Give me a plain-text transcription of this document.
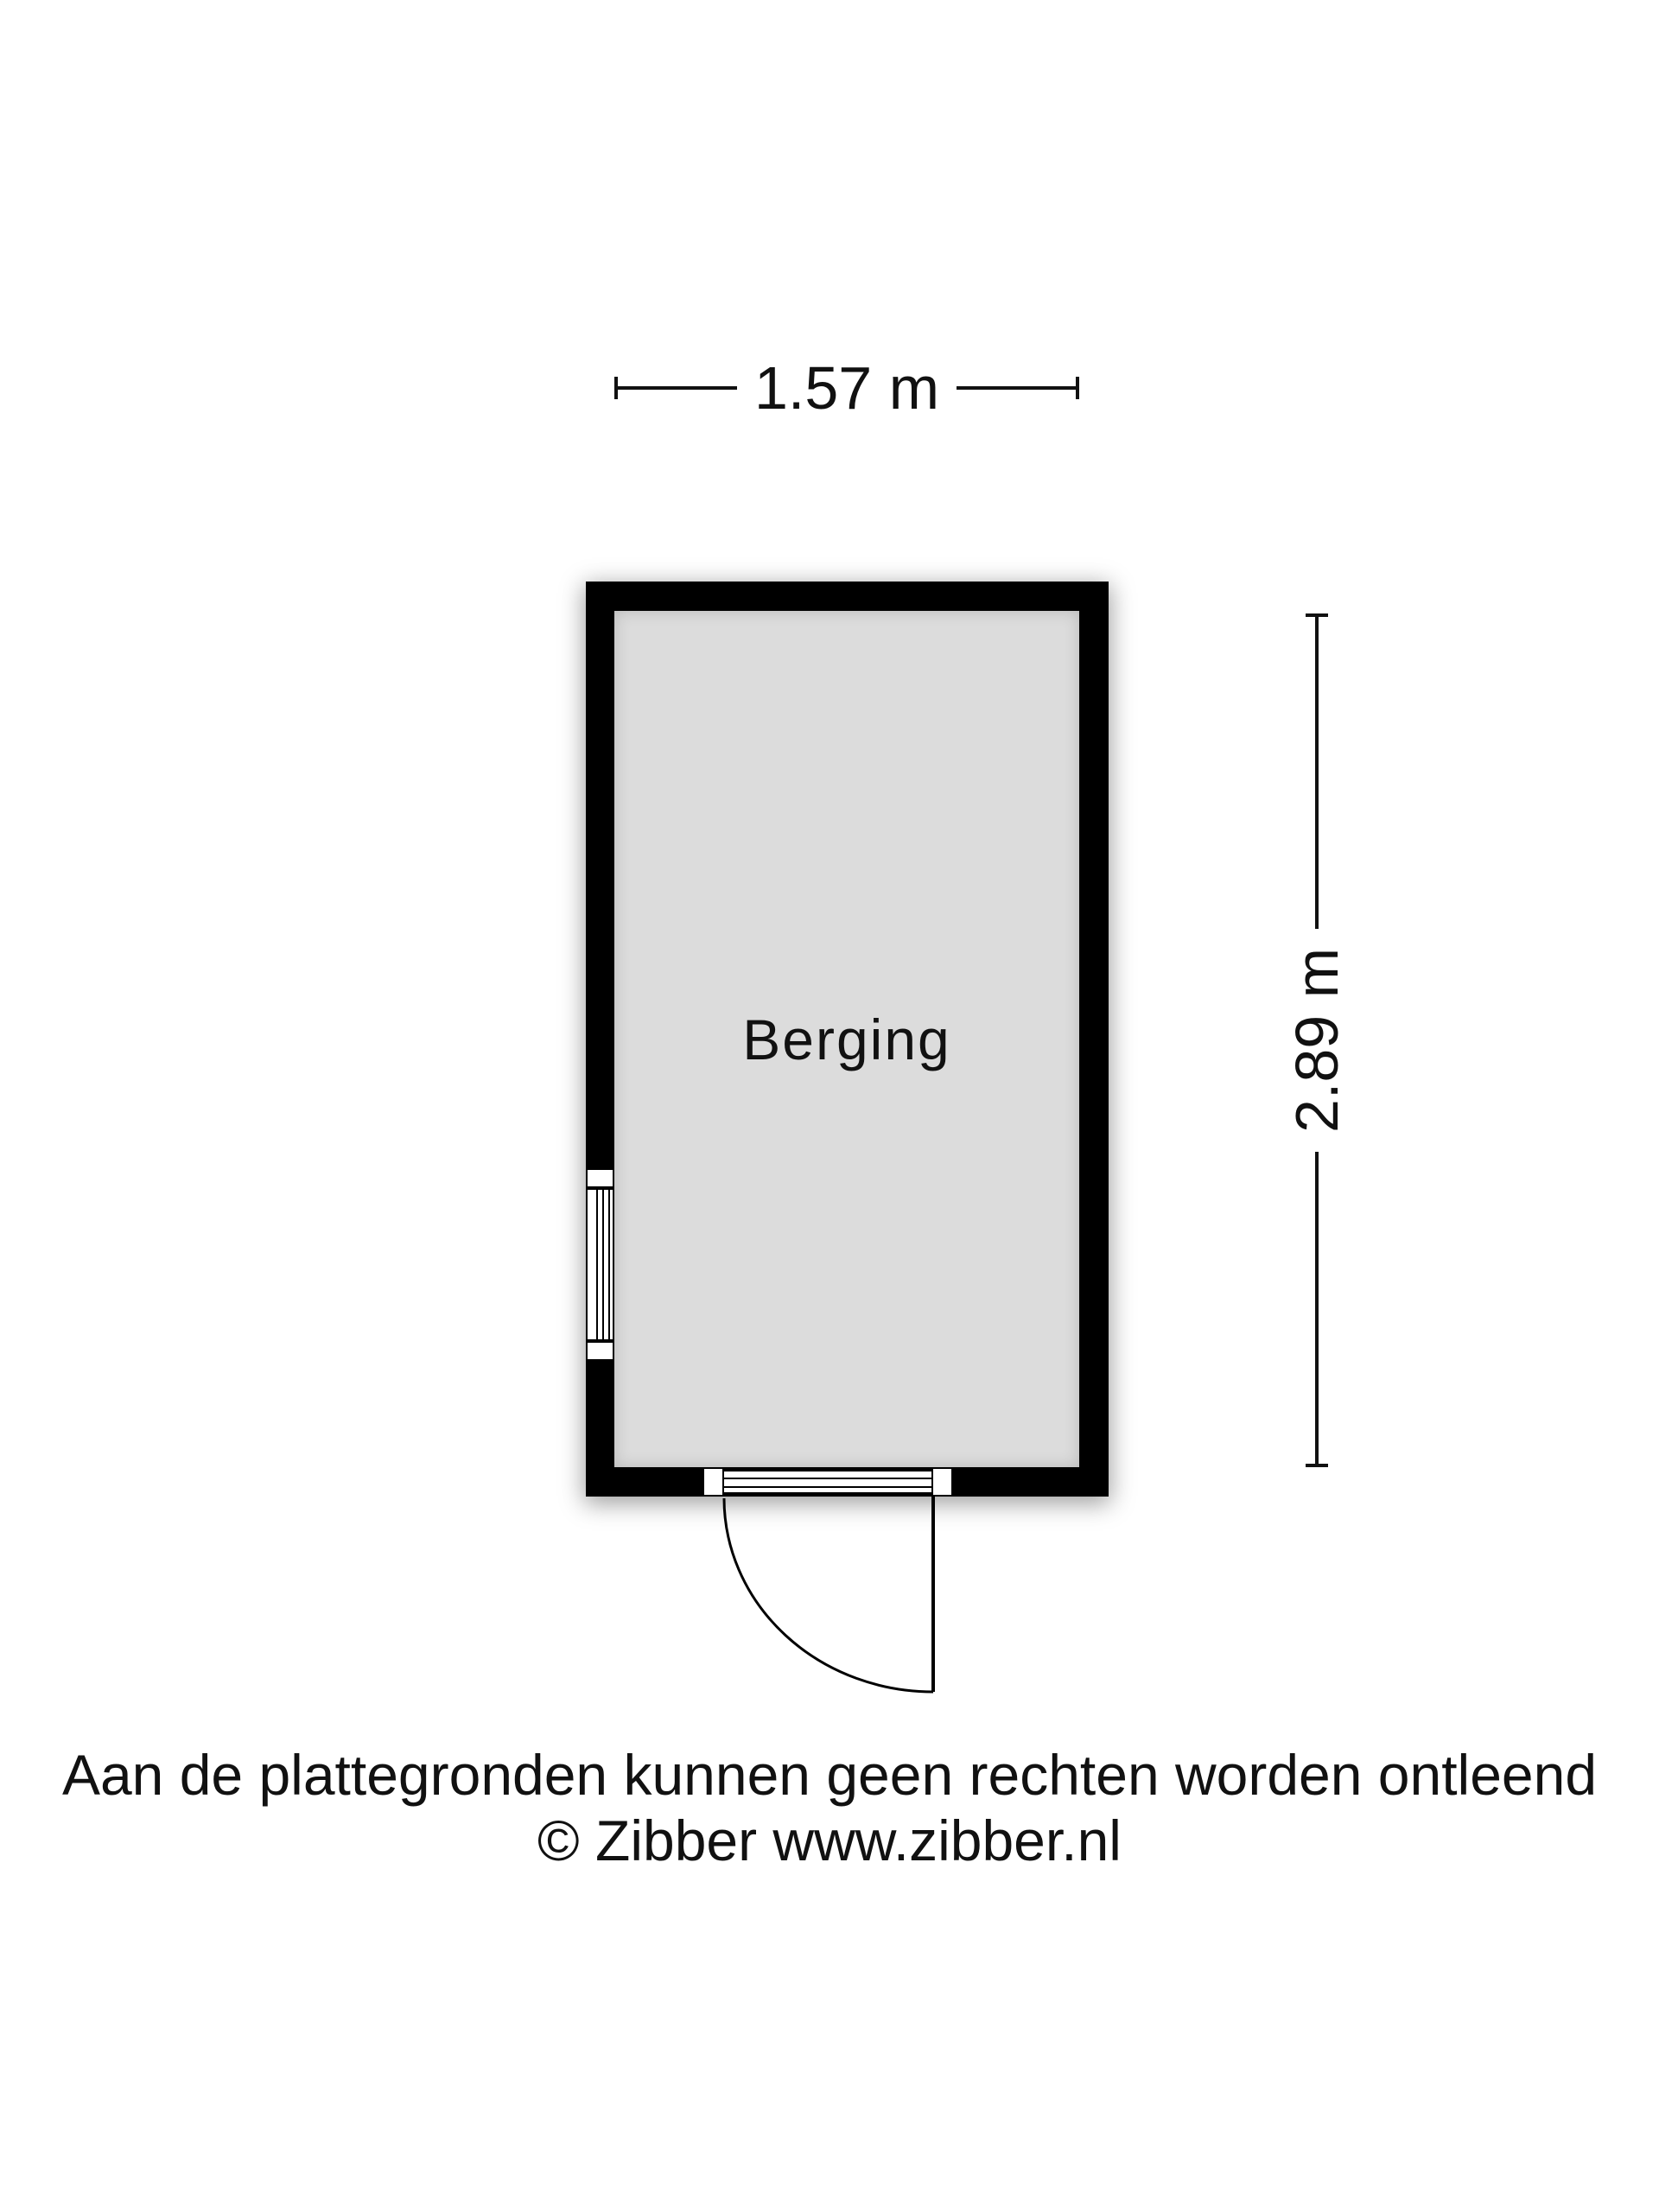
1.57 m
Berging	2.89 m
Aan de plattegronden kunnen geen rechten worden ontleend
© Zibber www.zibber.nl
